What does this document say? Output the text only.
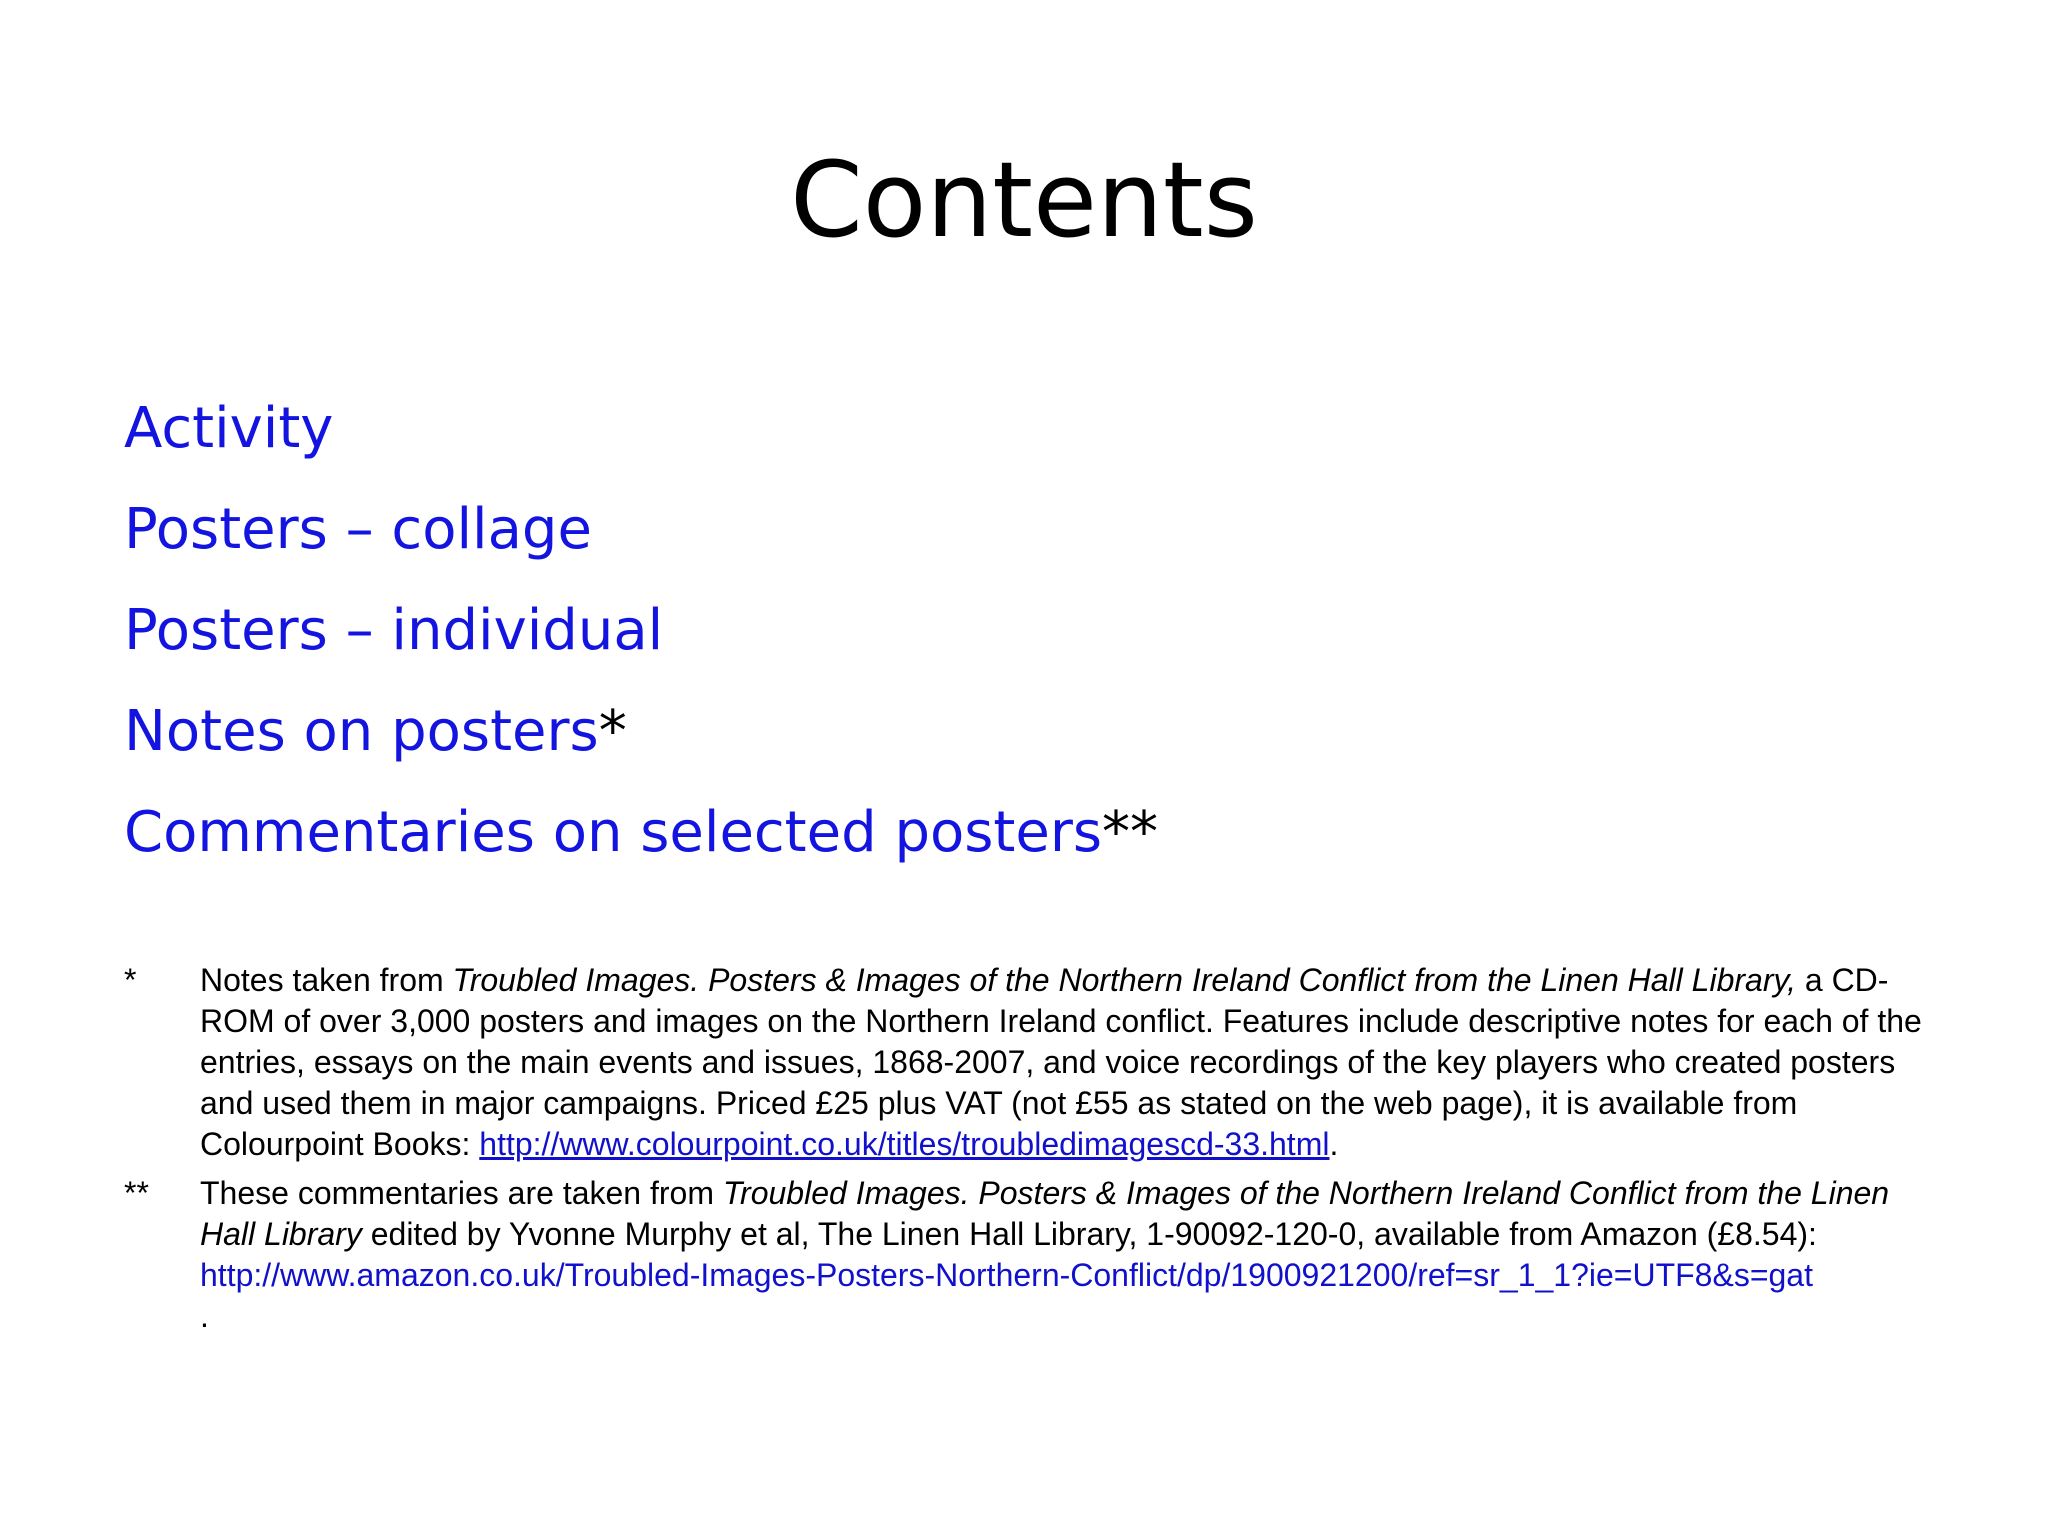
Contents
Activity
Posters – collage
Posters – individual
Notes on posters*
Commentaries on selected posters**
* Notes taken from Troubled Images. Posters & Images of the Northern Ireland Conflict from the Linen Hall Library, a CD-ROM of over 3,000 posters and images on the Northern Ireland conflict. Features include descriptive notes for each of the entries, essays on the main events and issues, 1868-2007, and voice recordings of the key players who created posters and used them in major campaigns. Priced £25 plus VAT (not £55 as stated on the web page), it is available from Colourpoint Books: http://www.colourpoint.co.uk/titles/troubledimagescd-33.html.
** These commentaries are taken from Troubled Images. Posters & Images of the Northern Ireland Conflict from the Linen Hall Library edited by Yvonne Murphy et al, The Linen Hall Library, 1-90092-120-0, available from Amazon (£8.54):
http://www.amazon.co.uk/Troubled-Images-Posters-Northern-Conflict/dp/1900921200/ref=sr_1_1?ie=UTF8&s=gat
.
